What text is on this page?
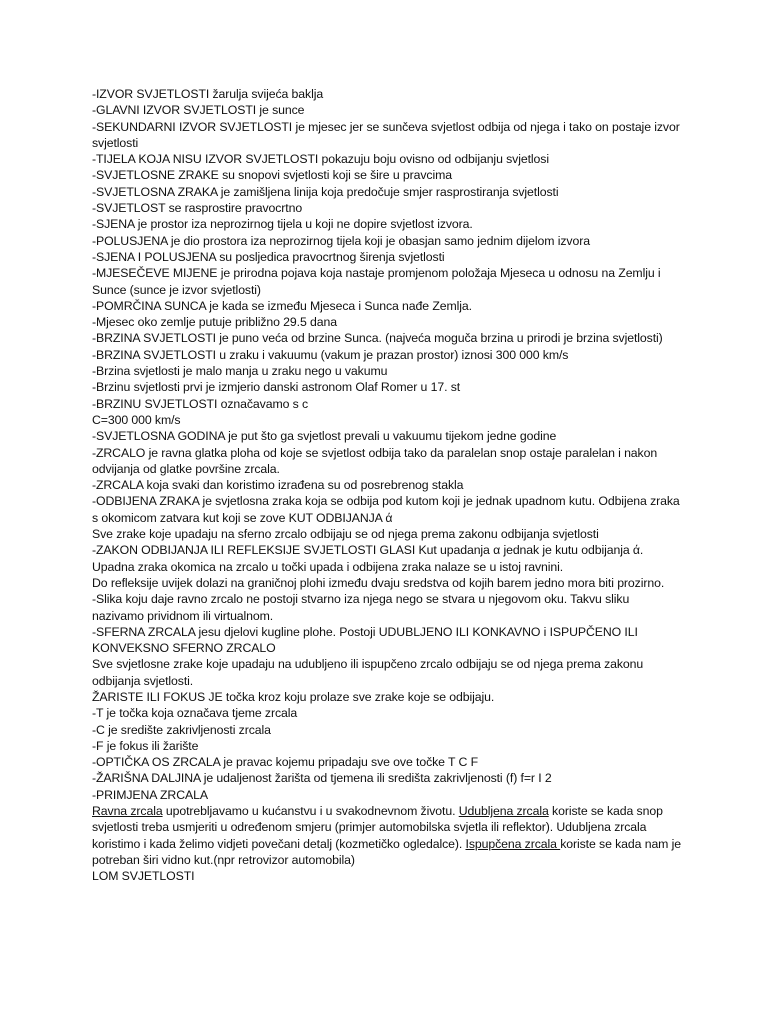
-IZVOR SVJETLOSTI žarulja svijeća baklja

-GLAVNI IZVOR SVJETLOSTI je sunce

-SEKUNDARNI IZVOR SVJETLOSTI je mjesec jer se sunčeva svjetlost odbija od njega i tako on postaje izvor svjetlosti

-TIJELA KOJA NISU IZVOR SVJETLOSTI pokazuju boju ovisno od odbijanju svjetlosi

-SVJETLOSNE ZRAKE su snopovi svjetlosti koji se šire u pravcima

-SVJETLOSNA ZRAKA je zamišljena linija koja predočuje smjer rasprostiranja svjetlosti

-SVJETLOST se rasprostire pravocrtno

-SJENA je prostor iza neprozirnog tijela u koji ne dopire svjetlost izvora.

-POLUSJENA je dio prostora iza neprozirnog tijela koji je obasjan samo jednim dijelom izvora

-SJENA I POLUSJENA su posljedica pravocrtnog širenja svjetlosti

-MJESEČEVE MIJENE je prirodna pojava koja nastaje promjenom položaja Mjeseca u odnosu na Zemlju i Sunce (sunce je izvor svjetlosti)

-POMRČINA SUNCA je kada se između Mjeseca i Sunca nađe Zemlja.

-Mjesec oko zemlje putuje približno 29.5 dana

-BRZINA SVJETLOSTI je puno veća od brzine Sunca. (najveća moguča brzina u prirodi je brzina svjetlosti)

-BRZINA SVJETLOSTI u zraku i vakuumu (vakum je prazan prostor) iznosi 300 000 km/s

-Brzina svjetlosti je malo manja u zraku nego u vakumu

-Brzinu svjetlosti prvi je izmjerio danski astronom Olaf Romer u 17. st

-BRZINU SVJETLOSTI označavamo s c

C=300 000 km/s

-SVJETLOSNA GODINA je put što ga svjetlost prevali u vakuumu tijekom jedne godine

-ZRCALO je ravna glatka ploha od koje se svjetlost odbija tako da paralelan snop ostaje paralelan i nakon odvijanja od glatke površine zrcala.

-ZRCALA koja svaki dan koristimo izrađena su od posrebrenog stakla

-ODBIJENA ZRAKA je svjetlosna zraka koja se odbija pod kutom koji je jednak upadnom kutu. Odbijena zraka s okomicom zatvara kut koji se zove KUT ODBIJANJA ά

Sve zrake koje upadaju na sferno zrcalo odbijaju se od njega prema zakonu odbijanja svjetlosti

-ZAKON ODBIJANJA ILI REFLEKSIJE SVJETLOSTI GLASI Kut upadanja α jednak je kutu odbijanja ά. Upadna zraka okomica na zrcalo u točki upada i odbijena zraka nalaze se u istoj ravnini.

Do refleksije uvijek dolazi na graničnoj plohi između dvaju sredstva od kojih barem jedno mora biti prozirno.

-Slika koju daje ravno zrcalo ne postoji stvarno iza njega nego se stvara u njegovom oku. Takvu sliku nazivamo prividnom ili virtualnom.

-SFERNA ZRCALA jesu djelovi kugline plohe. Postoji UDUBLJENO ILI KONKAVNO i ISPUPČENO ILI KONVEKSNO SFERNO ZRCALO

Sve svjetlosne zrake koje upadaju na udubljeno ili ispupčeno zrcalo odbijaju se od njega prema zakonu odbijanja svjetlosti.

ŽARISTE ILI FOKUS JE točka kroz koju prolaze sve zrake koje se odbijaju.

-T je točka koja označava tjeme zrcala

-C je središte zakrivljenosti zrcala

-F je fokus ili žarište

-OPTIČKA OS ZRCALA je pravac kojemu pripadaju sve ove točke T C F

-ŽARIŠNA DALJINA je udaljenost žarišta od tjemena ili središta zakrivljenosti (f) f=r I 2

-PRIMJENA ZRCALA

Ravna zrcala upotrebljavamo u kućanstvu i u svakodnevnom životu. Udubljena zrcala koriste se kada snop svjetlosti treba usmjeriti u određenom smjeru (primjer automobilska svjetla ili reflektor). Udubljena zrcala koristimo i kada želimo vidjeti povečani detalj (kozmetičko ogledalce). Ispupčena zrcala koriste se kada nam je potreban širi vidno kut.(npr retrovizor automobila)

LOM SVJETLOSTI
